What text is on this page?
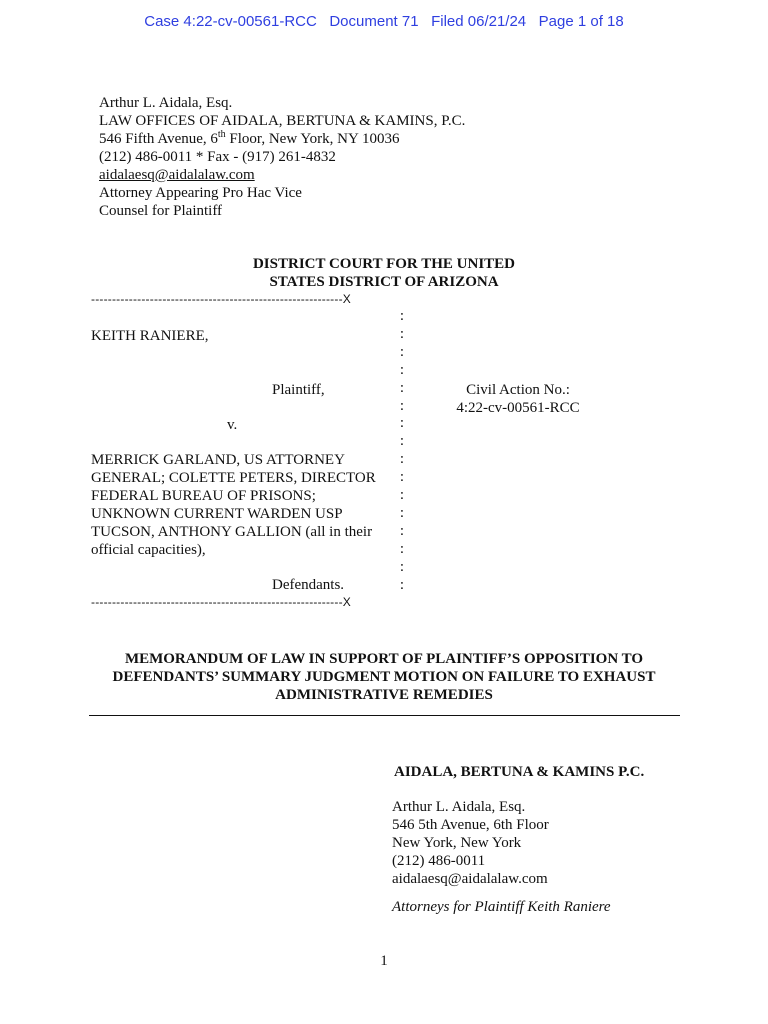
Case 4:22-cv-00561-RCC Document 71 Filed 06/21/24 Page 1 of 18
Arthur L. Aidala, Esq.
LAW OFFICES OF AIDALA, BERTUNA & KAMINS, P.C.
546 Fifth Avenue, 6th Floor, New York, NY 10036
(212) 486-0011 * Fax - (917) 261-4832
aidalaesq@aidalalaw.com
Attorney Appearing Pro Hac Vice
Counsel for Plaintiff
DISTRICT COURT FOR THE UNITED
STATES DISTRICT OF ARIZONA
------------------------------------------------------------X
------------------------------------------------------------X
:
:
:
:
:
:
:
:
:
:
:
:
:
:
:
:
KEITH RANIERE,
Plaintiff,
v.
MERRICK GARLAND, US ATTORNEY
GENERAL; COLETTE PETERS, DIRECTOR
FEDERAL BUREAU OF PRISONS;
UNKNOWN CURRENT WARDEN USP
TUCSON, ANTHONY GALLION (all in their
official capacities),
Defendants.
Civil Action No.:
4:22-cv-00561-RCC
MEMORANDUM OF LAW IN SUPPORT OF PLAINTIFF’S OPPOSITION TO
DEFENDANTS’ SUMMARY JUDGMENT MOTION ON FAILURE TO EXHAUST
ADMINISTRATIVE REMEDIES
AIDALA, BERTUNA & KAMINS P.C.
Arthur L. Aidala, Esq.
546 5th Avenue, 6th Floor
New York, New York
(212) 486-0011
aidalaesq@aidalalaw.com
Attorneys for Plaintiff Keith Raniere
1
